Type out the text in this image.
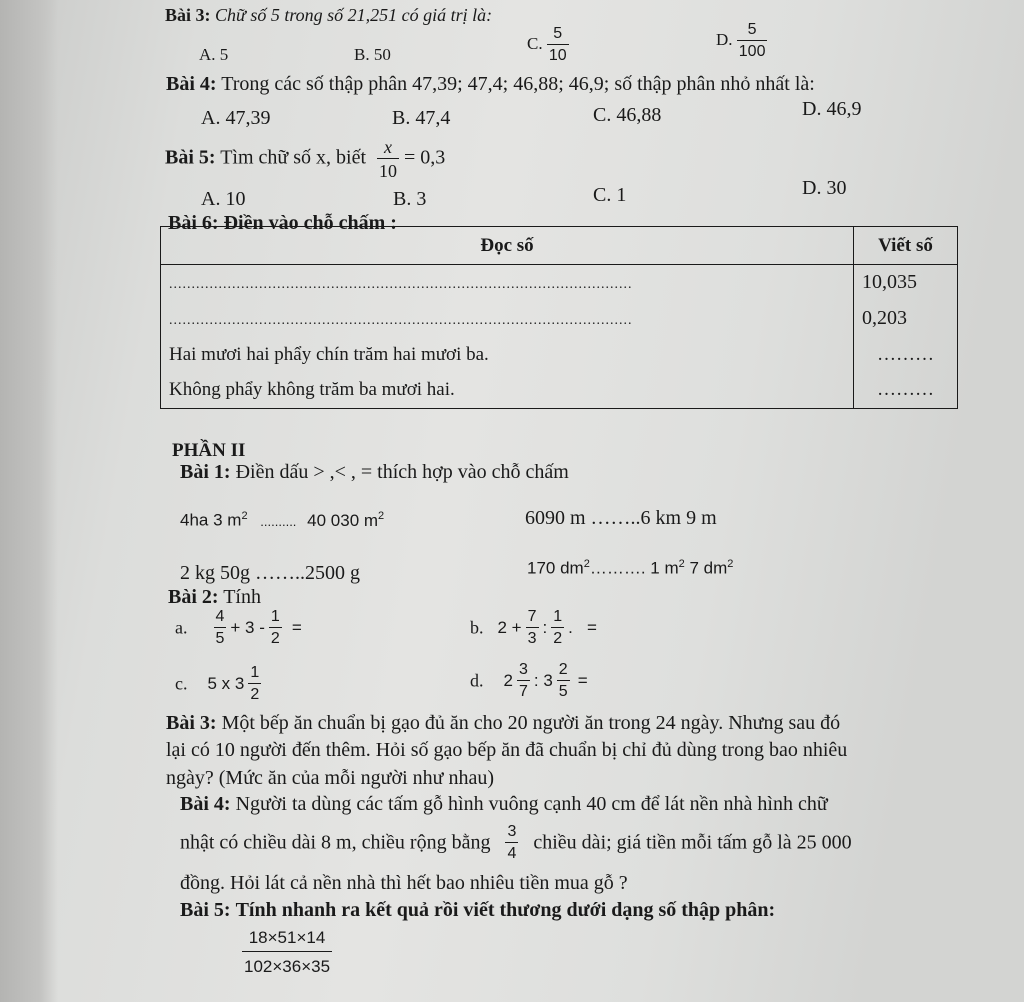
Bài 3: Chữ số 5 trong số 21,251 có giá trị là:
A. 5	B. 50
C. $\frac{5}{10}$	D. $\frac{5}{100}$
Bài 4: Trong các số thập phân 47,39; 47,4; 46,88; 46,9; số thập phân nhỏ nhất là:
A. 47,39	B. 47,4	C. 46,88	D. 46,9
Bài 5: Tìm chữ số x, biết $\frac{x}{10} = 0,3$
A. 10	B. 3	C. 1	D. 30
Bài 6: Điền vào chỗ chấm :
Đọc số	Viết số
.......................................................................................................	10,035
.......................................................................................................	0,203
Hai mươi hai phẩy chín trăm hai mươi ba.	………
Không phẩy không trăm ba mươi hai.	………
PHẦN II
Bài 1: Điền dấu > ,< , = thích hợp vào chỗ chấm
4ha 3 $m^2$ .......... 40 030 $m^2$	6090 m ……..6 km 9 m
2 kg 50g ……..2500 g	170 $dm^2\dots\dots\dots$. 1 $m^2$ 7 $dm^2$
Bài 2: Tính
a. $\frac{4}{5} + 3 - \frac{1}{2}$ =	b. $2 + \frac{7}{3}$ : $\frac{1}{2}$ .   =
c. 5 x $3 \frac{1}{2}$	d. $2 \frac{3}{7}$ : $3 \frac{2}{5}$ =
Bài 3: Một bếp ăn chuẩn bị gạo đủ ăn cho 20 người ăn trong 24 ngày. Nhưng sau đó
lại có 10 người đến thêm. Hỏi số gạo bếp ăn đã chuẩn bị chỉ đủ dùng trong bao nhiêu
ngày? (Mức ăn của mỗi người như nhau)
Bài 4: Người ta dùng các tấm gỗ hình vuông cạnh 40 cm để lát nền nhà hình chữ
nhật có chiều dài 8 m, chiều rộng bằng $\frac{3}{4}$ chiều dài; giá tiền mỗi tấm gỗ là 25 000
đồng. Hỏi lát cả nền nhà thì hết bao nhiêu tiền mua gỗ ?
Bài 5: Tính nhanh ra kết quả rồi viết thương dưới dạng số thập phân:
$\frac{18\times 51\times 14}{102\times 36\times 35}$
